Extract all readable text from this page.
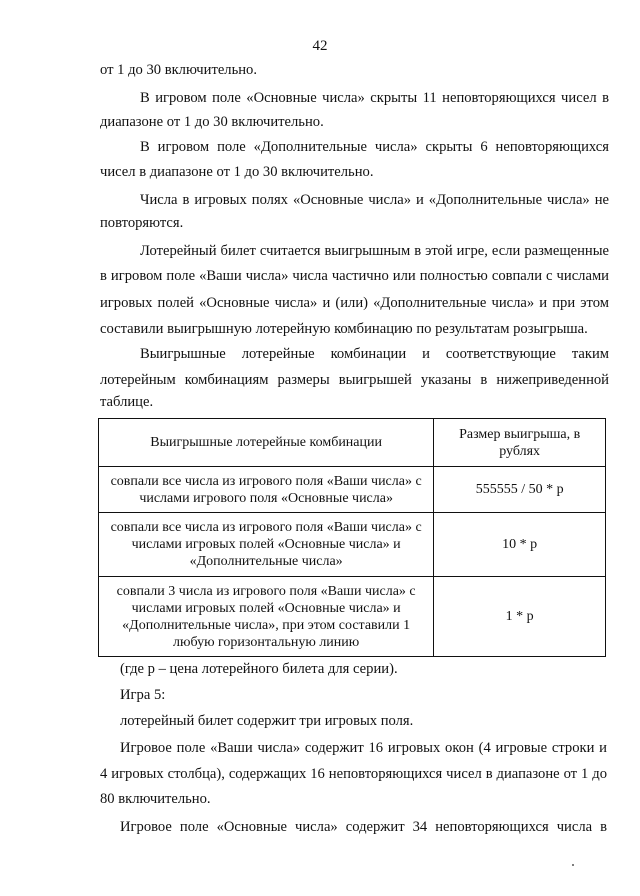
42
от 1 до 30 включительно.
В игровом поле «Основные числа» скрыты 11 неповторяющихся чисел в
диапазоне от 1 до 30 включительно.
В игровом поле «Дополнительные числа» скрыты 6 неповторяющихся
чисел в диапазоне от 1 до 30 включительно.
Числа в игровых полях «Основные числа» и «Дополнительные числа» не
повторяются.
Лотерейный билет считается выигрышным в этой игре, если размещенные
в игровом поле «Ваши числа» числа частично или полностью совпали с числами
игровых полей «Основные числа» и (или) «Дополнительные числа» и при этом
составили выигрышную лотерейную комбинацию по результатам розыгрыша.
Выигрышные лотерейные комбинации и соответствующие таким
лотерейным комбинациям размеры выигрышей указаны в нижеприведенной
таблице.
Выигрышные лотерейные комбинации	Размер выигрыша, в рублях
совпали все числа из игрового поля «Ваши числа» с числами игрового поля «Основные числа»	555555 / 50 * р
совпали все числа из игрового поля «Ваши числа» с числами игровых полей «Основные числа» и «Дополнительные числа»	10 * р
совпали 3 числа из игрового поля «Ваши числа» с числами игровых полей «Основные числа» и «Дополнительные числа», при этом составили 1 любую горизонтальную линию	1 * р
(где р – цена лотерейного билета для серии).
Игра 5:
лотерейный билет содержит три игровых поля.
Игровое поле «Ваши числа» содержит 16 игровых окон (4 игровые строки и
4 игровых столбца), содержащих 16 неповторяющихся чисел в диапазоне от 1 до
80 включительно.
Игровое поле «Основные числа» содержит 34 неповторяющихся числа в
